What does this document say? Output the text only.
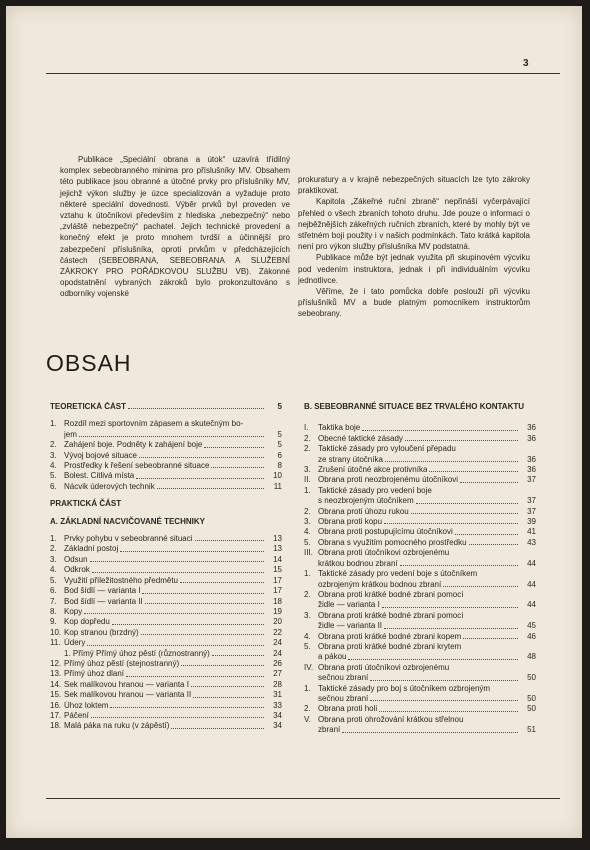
3

Publikace „Speciální obrana a útok“ uzavírá třídilný komplex sebeobranného minima pro příslušníky MV. Obsahem této publikace jsou obranné a útočné prvky pro příslušníky MV, jejichž výkon služby je úzce specializován a vyžaduje proto některé speciální dovednosti. Výběr prvků byl proveden ve vztahu k útočníkovi především z hlediska „nebezpečný“ nebo „zvláště nebezpečný“ pachatel. Jejich technické provedení a konečný efekt je proto mnohem tvrdší a účinnější pro zabezpečení příslušníka, oproti prvkům v předcházejících částech (SEBEOBRANA, SEBEOBRANA A SLUŽEBNÍ ZÁKROKY PRO POŘÁDKOVOU SLUŽBU VB). Zákonné opodstatnění vybraných zákroků bylo prokonzultováno s odborníky vojenské

prokuratury a v krajně nebezpečných situacích lze tyto zákroky praktikovat.

Kapitola „Zákeřné ruční zbraně“ nepřináší vyčerpávající přehled o všech zbraních tohoto druhu. Jde pouze o informaci o nejběžnějších zákeřných ručních zbraních, které by mohly být ve střetném boji použity i v našich podmínkách. Tato krátká kapitola není pro výkon služby příslušníka MV podstatná.

Publikace může být jednak využita při skupinovém výcviku pod vedením instruktora, jednak i při individuálním výcviku jednotlivce.

Věříme, že i tato pomůcka dobře poslouží při výcviku příslušníků MV a bude platným pomocníkem instruktorům sebeobrany.

OBSAH
TEORETICKÁ ČÁST	5
1. Rozdíl mezi sportovním zápasem a skutečným bo-
jem	5
2. Zahájení boje. Podněty k zahájení boje	5
3. Vývoj bojové situace	6
4. Prostředky k řešení sebeobranné situace	8
5. Bolest. Citlivá místa	10
6. Nácvik úderových technik	11
PRAKTICKÁ ČÁST
A. ZÁKLADNÍ NACVIČOVANÉ TECHNIKY
1. Prvky pohybu v sebeobranné situaci	13
2. Základní postoj	13
3. Odsun	14
4. Odkrok	15
5. Využití příležitostného předmětu	17
6. Bod šídlí — varianta I	17
7. Bod šídlí — varianta II	18
8. Kopy	19
9. Kop dopředu	20
10. Kop stranou (brzdný)	22
11. Údery	24
1. Přímý Přímý úhoz pěstí (různostranný)	24
12. Přímý úhoz pěstí (stejnostranný)	26
13. Přímý úhoz dlaní	27
14. Sek malíkovou hranou — varianta I	28
15. Sek malíkovou hranou — varianta II	31
16. Úhoz loktem	33
17. Páčení	34
18. Malá páka na ruku (v zápěstí)	34
B. SEBEOBRANNÉ SITUACE BEZ TRVALÉHO KONTAKTU
I.	Taktika boje	36
2. Obecné taktické zásady	36
2. Taktické zásady pro vyloučení přepadu
ze strany útočníka	36
3. Zrušení útočné akce protivníka	36
II. Obrana proti neozbrojenému útočníkovi	37
1. Taktické zásady pro vedení boje
s neozbrojeným útočníkem	37
2. Obrana proti úhozu rukou	37
3. Obrana proti kopu	39
4. Obrana proti postupujícímu útočníkovi	41
5. Obrana s využitím pomocného prostředku	43
III. Obrana proti útočníkovi ozbrojenému
krátkou bodnou zbraní	44
1. Taktické zásady pro vedení boje s útočníkem
ozbrojeným krátkou bodnou zbraní	44
2. Obrana proti krátké bodné zbrani pomocí
židle — varianta I	44
3. Obrana proti krátké bodné zbrani pomocí
židle — varianta II	45
4. Obrana proti krátké bodné zbrani kopem	46
5. Obrana proti krátké bodné zbrani krytem
a pákou	48
IV. Obrana proti útočníkovi ozbrojenému
sečnou zbraní	50
1. Taktické zásady pro boj s útočníkem ozbrojeným
sečnou zbraní	50
2. Obrana proti holi	50
V. Obrana proti ohrožování krátkou střelnou
zbraní	51
